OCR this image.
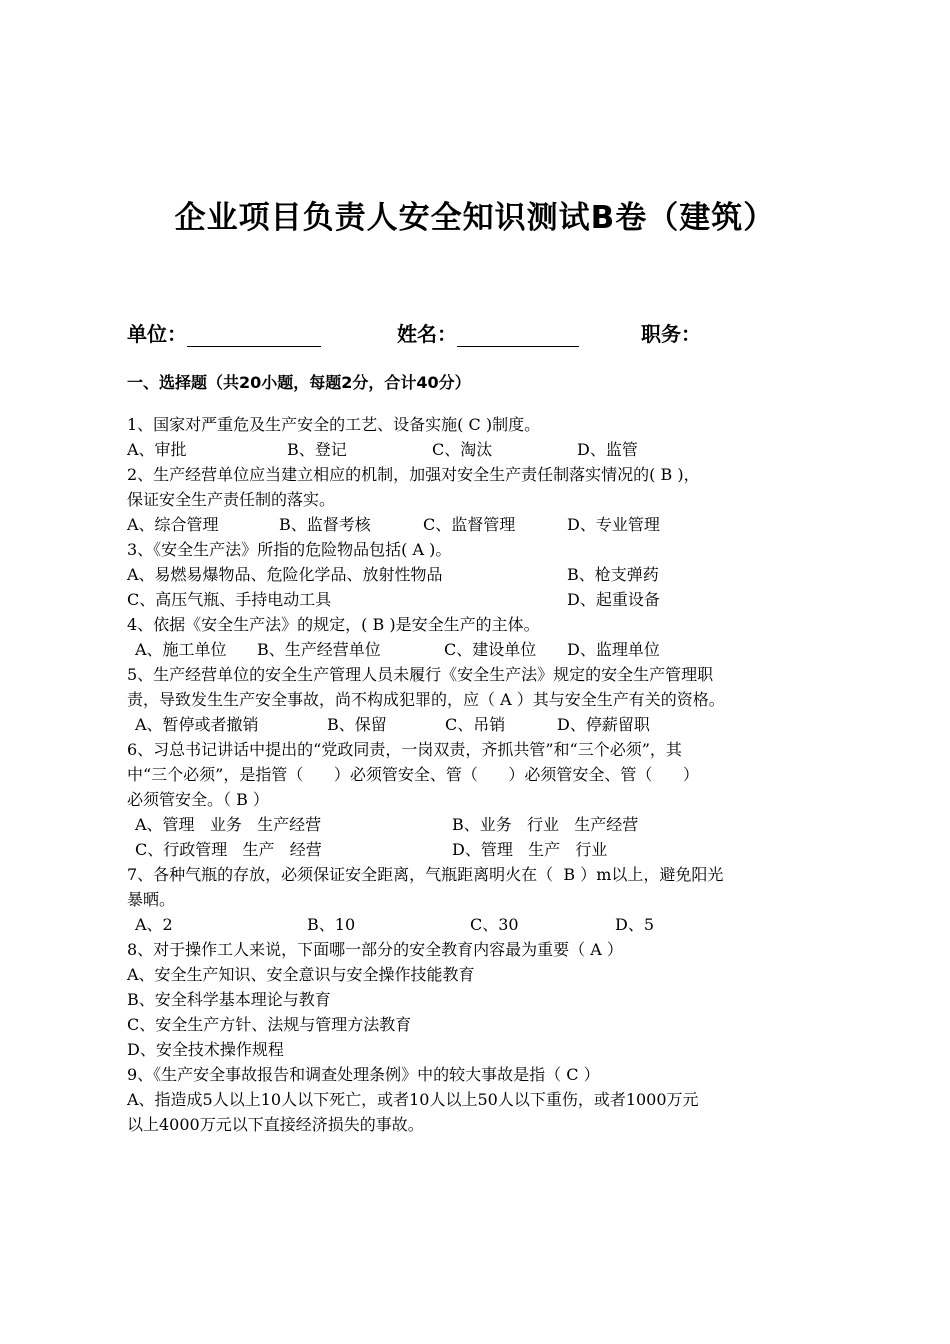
企业项目负责人安全知识测试B卷（建筑）
单位：	姓名：	职务：
一、选择题（共20小题，每题2分，合计40分）

1、国家对严重危及生产安全的工艺、设备实施( C )制度。

A、审批	B、登记	C、淘汰	D、监管

2、生产经营单位应当建立相应的机制，加强对安全生产责任制落实情况的( B )，

保证安全生产责任制的落实。

A、综合管理	B、监督考核	C、监督管理	D、专业管理

3、《安全生产法》所指的危险物品包括( A )。

A、易燃易爆物品、危险化学品、放射性物品	B、枪支弹药
C、高压气瓶、手持电动工具	D、起重设备

4、依据《安全生产法》的规定，( B )是安全生产的主体。

A、施工单位 B、生产经营单位	C、建设单位 D、监理单位

5、生产经营单位的安全生产管理人员未履行《安全生产法》规定的安全生产管理职

责，导致发生生产安全事故，尚不构成犯罪的，应（ A ）其与安全生产有关的资格。

A、暂停或者撤销	B、保留	C、吊销	D、停薪留职

6、习总书记讲话中提出的“党政同责，一岗双责，齐抓共管”和“三个必须”，其

中“三个必须”，是指管（      ）必须管安全、管（      ）必须管安全、管（      ）

必须管安全。（ B ）

A、管理   业务   生产经营	B、业务   行业   生产经营
C、行政管理   生产   经营	D、管理   生产   行业

7、各种气瓶的存放，必须保证安全距离，气瓶距离明火在（  B ）m以上，避免阳光

暴晒。

A、2	B、10	C、30	D、5

8、对于操作工人来说，下面哪一部分的安全教育内容最为重要（ A ）

A、安全生产知识、安全意识与安全操作技能教育

B、安全科学基本理论与教育

C、安全生产方针、法规与管理方法教育

D、安全技术操作规程

9、《生产安全事故报告和调查处理条例》中的较大事故是指（ C ）

A、指造成5人以上10人以下死亡，或者10人以上50人以下重伤，或者1000万元

以上4000万元以下直接经济损失的事故。
